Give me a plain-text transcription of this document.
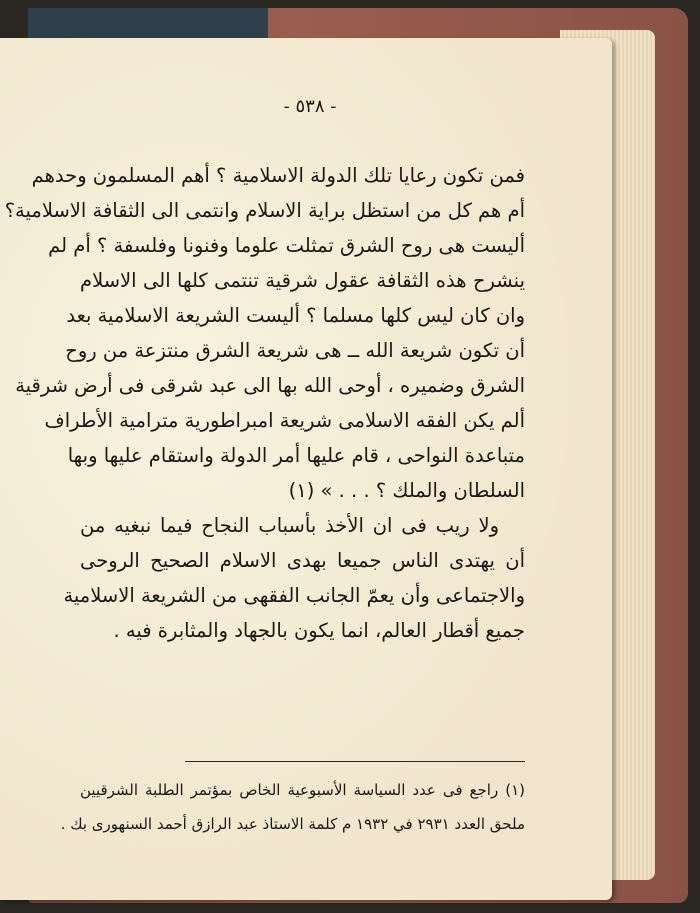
- ٥٣٨ -
فمن تكون رعايا تلك الدولة الاسلامية ؟ أهم المسلمون وحدهم
أم هم كل من استظل براية الاسلام وانتمى الى الثقافة الاسلامية؟
أليست هى روح الشرق تمثلت علوما وفنونا وفلسفة ؟ أم لم
ينشرح هذه الثقافة عقول شرقية تنتمى كلها الى الاسلام
وان كان ليس كلها مسلما ؟ أليست الشريعة الاسلامية بعد
أن تكون شريعة الله ــ هى شريعة الشرق منتزعة من روح
الشرق وضميره ، أوحى الله بها الى عبد شرقى فى أرض شرقية
ألم يكن الفقه الاسلامى شريعة امبراطورية مترامية الأطراف
متباعدة النواحى ، قام عليها أمر الدولة واستقام عليها وبها
السلطان والملك ؟ . . . » (١)
ولا ريب فى ان الأخذ بأسباب النجاح فيما نبغيه من
أن يهتدى الناس جميعا بهدى الاسلام الصحيح الروحى
والاجتماعى وأن يعمّ الجانب الفقهى من الشريعة الاسلامية
جميع أقطار العالم، انما يكون بالجهاد والمثابرة فيه .
(١) راجع فى عدد السياسة الأسبوعية الخاص بمؤتمر الطلبة الشرقيين
ملحق العدد ٢٩٣١ في ١٩٣٢ م كلمة الاستاذ عبد الرازق أحمد السنهورى بك .
